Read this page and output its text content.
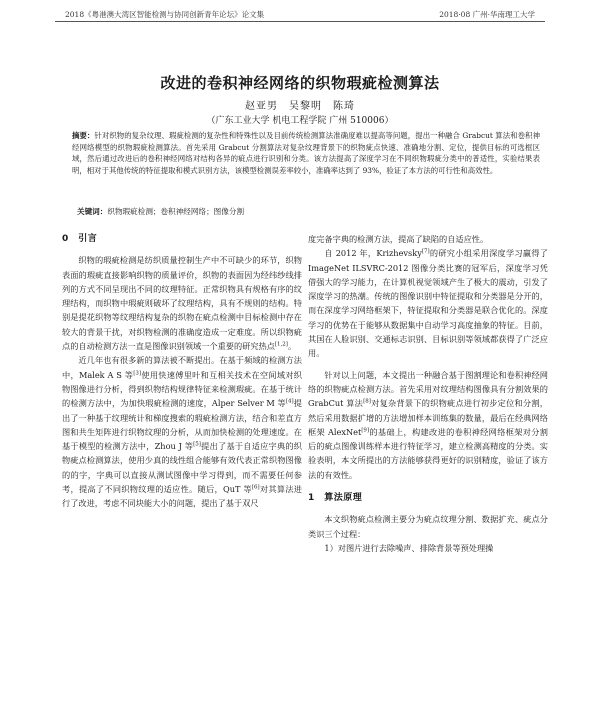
2018《粤港澳大湾区智能检测与协同创新青年论坛》论文集	2018·08 广州·华南理工大学
改进的卷积神经网络的织物瑕疵检测算法
赵亚男　吴黎明　陈琦
（广东工业大学 机电工程学院 广州 510006）
摘要：针对织物的复杂纹理、瑕疵检测的复杂性和特殊性以及目前传统检测算法准确度难以提高等问题，提出一种融合 Grabcut 算法和卷积神经网络模型的织物瑕疵检测算法。首先采用 Grabcut 分割算法对复杂纹理背景下的织物疵点快速、准确地分割、定位，提供目标的可选框区域，然后通过改进后的卷积神经网络对结构各异的疵点进行识别和分类。该方法提高了深度学习在不同织物瑕疵分类中的普适性，实验结果表明，相对于其他传统的特征提取和模式识别方法，该模型检测误差率较小，准确率达到了 93%，验证了本方法的可行性和高效性。
关键词：织物瑕疵检测；卷积神经网络；图像分割
0　引言

织物的瑕疵检测是纺织质量控制生产中不可缺少的环节，织物表面的瑕疵直接影响织物的质量评价，织物的表面因为经纬纱线排列的方式不同呈现出不同的纹理特征。正常织物具有规格有序的纹理结构，而织物中瑕疵则破坏了纹理结构，具有不规则的结构。特别是提花织物等纹理结构复杂的织物在疵点检测中目标检测中存在较大的背景干扰，对织物检测的准确度造成一定难度。所以织物疵点的自动检测方法一直是图像识别领域一个重要的研究热点[1,2]。

近几年也有很多新的算法被不断提出。在基于频域的检测方法中，Malek A S 等[3]使用快速傅里叶和互相关技术在空间域对织物图像进行分析，得到织物结构规律特征来检测瑕疵。在基于统计的检测方法中，为加快瑕疵检测的速度，Alper Selver M 等[4]提出了一种基于纹理统计和梯度搜索的瑕疵检测方法，结合和差直方图和共生矩阵进行织物纹理的分析，从而加快检测的处理速度。在基于模型的检测方法中，Zhou J 等[5]提出了基于自适应字典的织物疵点检测算法，使用少真的线性组合能够有效代表正常织物图像的的字，字典可以直接从测试图像中学习得到，而不需要任何参考，提高了不同织物纹理的适应性。随后，QuT 等[6]对其算法进行了改进，考虑不同块能大小的问题，提出了基于双尺

度完备字典的检测方法，提高了缺陷的自适应性。

自 2012 年，Krizhevsky[7]的研究小组采用深度学习赢得了 ImageNet ILSVRC-2012 图像分类比赛的冠军后，深度学习凭借强大的学习能力，在计算机视觉领域产生了极大的震动，引发了深度学习的热潮。传统的图像识别中特征提取和分类器是分开的，而在深度学习网络框架下，特征提取和分类器是联合优化的。深度学习的优势在于能够从数据集中自动学习高度抽象的特征。目前，其国在人脸识别、交通标志识别、目标识别等领域都获得了广泛应用。

针对以上问题，本文提出一种融合基于图割理论和卷积神经网络的织物疵点检测方法。首先采用对纹理结构图像具有分割效果的 GrabCut 算法[8]对复杂背景下的织物疵点进行初步定位和分割，然后采用数据扩增的方法增加样本训练集的数量，最后在经典网络框架 AlexNet[9]的基础上，构建改进的卷积神经网络框架对分割后的疵点图像训练样本进行特征学习，建立检测高精度的分类。实验表明，本文所提出的方法能够获得更好的识别精度，验证了该方法的有效性。

1　算法原理

本文织物疵点检测主要分为疵点纹理分割、数据扩充、疵点分类识三个过程：

1）对图片进行去除噪声、排除背景等预处理操
